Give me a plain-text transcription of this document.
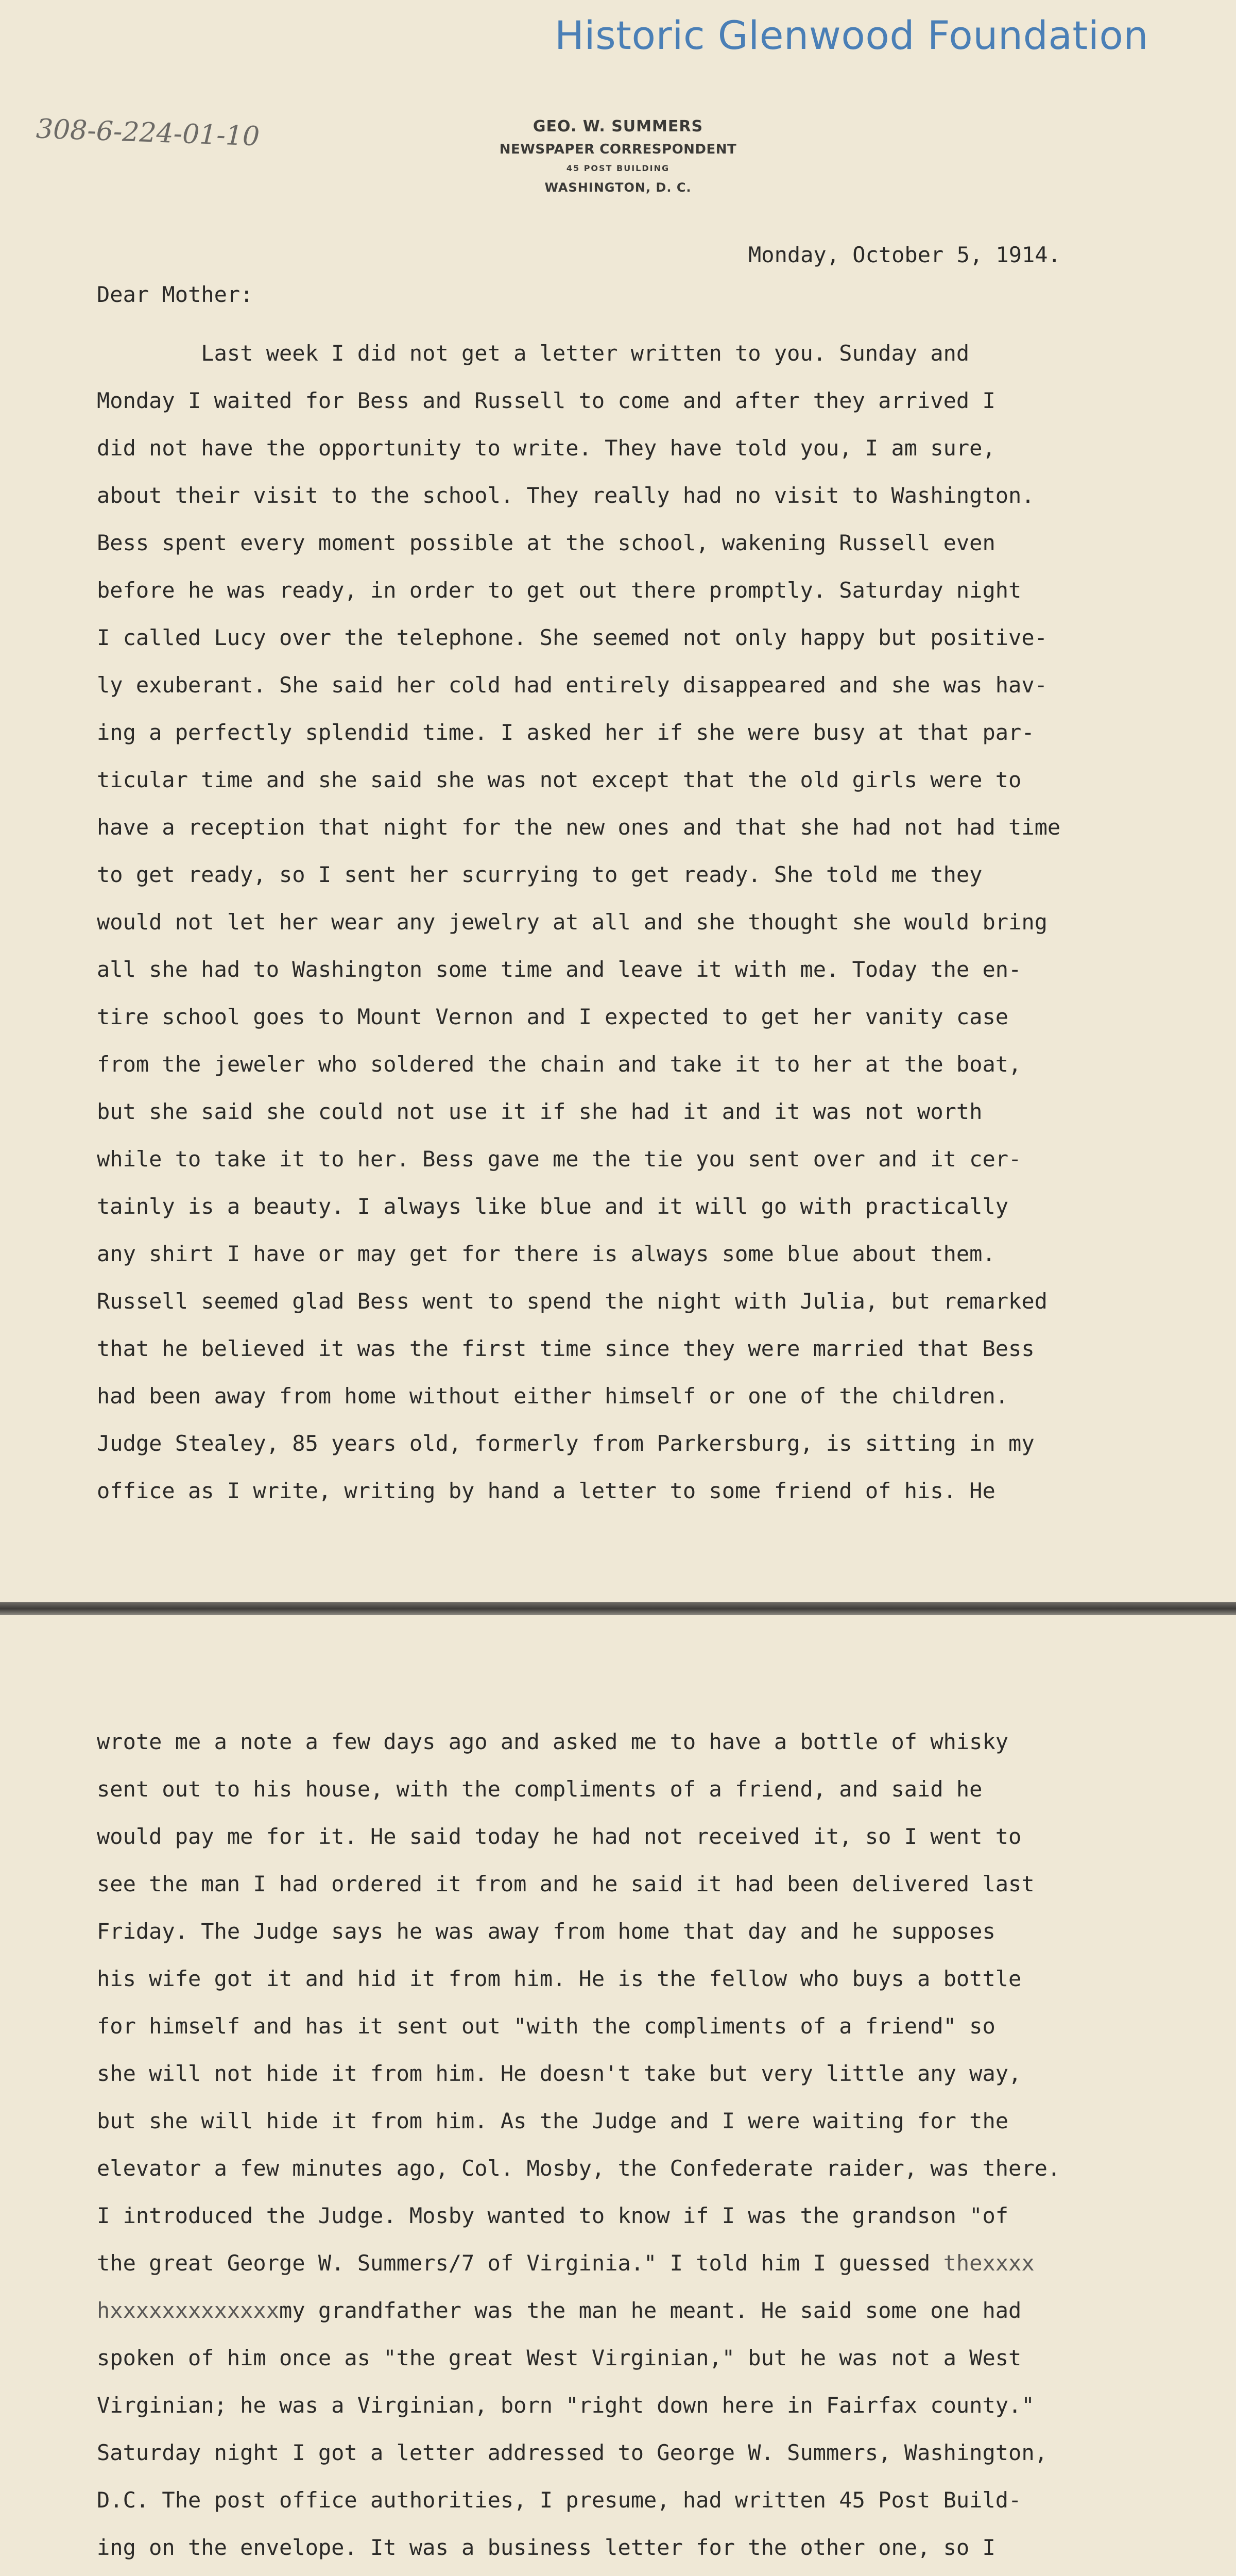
Historic Glenwood Foundation
308-6-224-01-10	GEO. W. SUMMERS
NEWSPAPER CORRESPONDENT
45 POST BUILDING
WASHINGTON, D. C.
Monday, October 5, 1914.
Dear Mother:
Last week I did not get a letter written to you. Sunday and
Monday I waited for Bess and Russell to come and after they arrived I
did not have the opportunity to write. They have told you, I am sure,
about their visit to the school. They really had no visit to Washington.
Bess spent every moment possible at the school, wakening Russell even
before he was ready, in order to get out there promptly. Saturday night
I called Lucy over the telephone. She seemed not only happy but positive-
ly exuberant. She said her cold had entirely disappeared and she was hav-
ing a perfectly splendid time. I asked her if she were busy at that par-
ticular time and she said she was not except that the old girls were to
have a reception that night for the new ones and that she had not had time
to get ready, so I sent her scurrying to get ready. She told me they
would not let her wear any jewelry at all and she thought she would bring
all she had to Washington some time and leave it with me. Today the en-
tire school goes to Mount Vernon and I expected to get her vanity case
from the jeweler who soldered the chain and take it to her at the boat,
but she said she could not use it if she had it and it was not worth
while to take it to her. Bess gave me the tie you sent over and it cer-
tainly is a beauty. I always like blue and it will go with practically
any shirt I have or may get for there is always some blue about them.
Russell seemed glad Bess went to spend the night with Julia, but remarked
that he believed it was the first time since they were married that Bess
had been away from home without either himself or one of the children.
Judge Stealey, 85 years old, formerly from Parkersburg, is sitting in my
office as I write, writing by hand a letter to some friend of his. He
wrote me a note a few days ago and asked me to have a bottle of whisky
sent out to his house, with the compliments of a friend, and said he
would pay me for it. He said today he had not received it, so I went to
see the man I had ordered it from and he said it had been delivered last
Friday. The Judge says he was away from home that day and he supposes
his wife got it and hid it from him. He is the fellow who buys a bottle
for himself and has it sent out "with the compliments of a friend" so
she will not hide it from him. He doesn't take but very little any way,
but she will hide it from him. As the Judge and I were waiting for the
elevator a few minutes ago, Col. Mosby, the Confederate raider, was there.
I introduced the Judge. Mosby wanted to know if I was the grandson "of
the great George W. Summers/7 of Virginia." I told him I guessed thexxxx
hxxxxxxxxxxxxxmy grandfather was the man he meant. He said some one had
spoken of him once as "the great West Virginian," but he was not a West
Virginian; he was a Virginian, born "right down here in Fairfax county."
Saturday night I got a letter addressed to George W. Summers, Washington,
D.C. The post office authorities, I presume, had written 45 Post Build-
ing on the envelope. It was a business letter for the other one, so I
